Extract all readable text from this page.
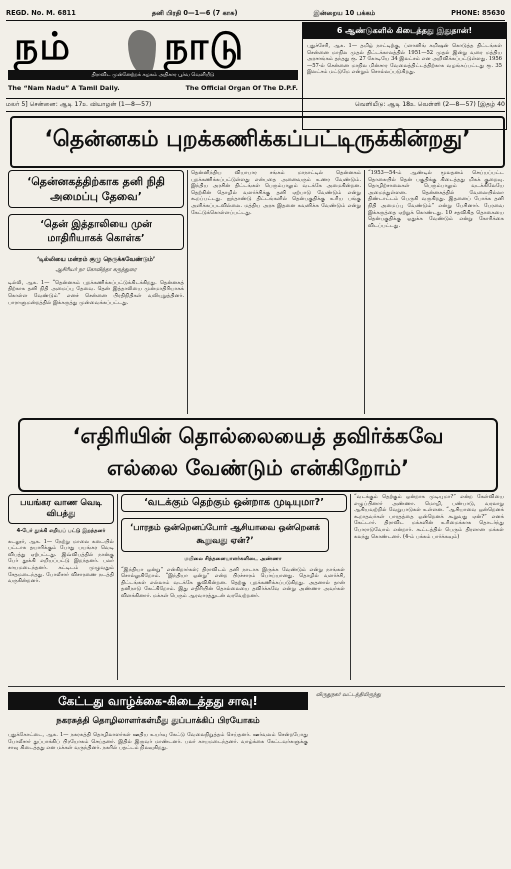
REGD. No. M. 6811	தனி பிரதி 0—1—6 (7 காசு)	இன்றைய 10 பக்கம்	PHONE: 85630
நம் நாடு
திராவிட முன்னேற்றக் கழகம் அதிகார பூர்வ வெளியீடு
The “Nam Nadu” A Tamil Daily.	The Official Organ Of The D.P.F.
6 ஆண்டுகளில் கிடைத்தது இதுதான்!
புதுச்சேரி, ஆக. 1— தமிழ் நாட்டிற்கு, ப்ளானிங் கமிஷன் கொடுத்த திட்டங்கள் சென்னை மாநில முதல் திட்டக்காலத்தில் 1951—52 முதல் இன்று வரை மத்திய அரசாங்கம் தந்தது ரூ. 27 கோடியே 34 இலட்சம் என அறிவிக்கப்பட்டுள்ளது. 1956—57-ல் சென்னை மாநில மின்சார வேலைத்திட்டத்திற்காக வழங்கப்பட்டது ரூ. 35 இலட்சம் மட்டுமே என்றும் சொல்லப்படுகிறது.
மலர் 5] சென்னை: ஆடி 17உ வியாழன் (1—8—57)	வெளியீடு: ஆடி 18உ வெள்ளி (2—8—57) [இதழ் 40
‘தென்னகம் புறக்கணிக்கப்பட்டிருக்கின்றது’
‘தென்னகத்திற்காக தனி நிதி அமைப்பு தேவை’
‘தென் இத்தாலியை முன் மாதிரியாகக் கொள்க’
‘டில்லியை மன்றம் குழு நெருக்கவேண்டும்’
ஆசிரியர் நா கோவிந்தா கருத்துரை
டில்லி, ஆக. 1— “தென்னகம் புறக்கணிக்கப்பட்டுக்கிடக்கிறது. தென்னகத் திற்காக தனி நிதி அமைப்பு தேவை. தென் இத்தாலியை முன்மாதிரியாகக் கொள்ள வேண்டும்” எனச் சென்னை பிரதிநிதிகள் வலியுறுத்தினர். பாராளுமன்றத்தில் இக்கருத்து முன்வைக்கப்பட்டது.
தென்னிந்திய வியாபார சங்கம் மாநாட்டில் தென்னகம் புறக்கணிக்கப்பட்டுள்ளது என்பதை அனைவரும் உணர வேண்டும். இந்திய அரசின் திட்டங்கள் பெரும்பாலும் வடக்கே அமைகின்றன. தெற்கின் தொழில் வளர்ச்சிக்கு தனி ஏற்பாடு வேண்டும் என்று கூறப்பட்டது. ஐந்தாண்டு திட்டங்களில் தென்பகுதிக்கு உரிய பங்கு அளிக்கப்படவில்லை. மத்திய அரசு இதனை கவனிக்க வேண்டும் என்று கேட்டுக்கொள்ளப்பட்டது.
“1953—54-ம் ஆண்டில் மூலதனம் செய்யப்பட்ட தொகையில் தென் பகுதிக்கு கிடைத்தது மிகக் குறைவு. தொழிற்சாலைகள் பெரும்பாலும் வடக்கிலேயே அமைந்துள்ளன. தென்னகத்தில் வேலையில்லா திண்டாட்டம் பெருகி வருகிறது. இதனைப் போக்க தனி நிதி அமைப்பு வேண்டும்” என்று பேசினார். பேரவை இக்கருத்தை ஏற்றுக் கொண்டது. 10 சதவிகித தொகையை தென்பகுதிக்கு ஒதுக்க வேண்டும் என்று கோரிக்கை விடப்பட்டது.
‘எதிரியின் தொல்லையைத் தவிர்க்கவே
எல்லை வேண்டும் என்கிறோம்’
பயங்கர வாண வெடி விபத்து
4-பேர் தூக்கி எறியப் பட்டு இறந்தனர்
கடலூர், ஆக. 1— நேற்று மாலை கடையில் பட்டாசு தயாரிக்கும் போது பயங்கர வெடி விபத்து ஏற்பட்டது. இவ்விபத்தில் நான்கு பேர் தூக்கி எறியப்பட்டு இறந்தனர். பலர் காயமடைந்தனர். கட்டிடம் முழுவதும் சேதமடைந்தது. போலீசார் விசாரணை நடத்தி வருகின்றனர்.
‘வடக்கும் தெற்கும் ஒன்றாக முடியுமா?’
‘பாரதம் ஒன்றெனப்போர் ஆசியாவை ஒன்றெனக் கூறுவது ஏன்?’
மயிலை சிந்தனையாளர்களிடை அண்ணா
“இந்தியா ஒன்று” என்கிறார்கள்; திராவிடம் தனி நாடாக இருக்க வேண்டும் என்று நாங்கள் சொல்லுகிறோம். “இந்தியா ஒன்று” என்ற பிரச்சாரம் பொய்யானது. தொழில் வளர்ச்சி, திட்டங்கள் எல்லாம் வடக்கே குவிகின்றன. தெற்கு புறக்கணிக்கப்படுகிறது. அதனால் தான் தனிநாடு கேட்கிறோம். இது எதிரியின் தொல்லையை தவிர்க்கவே என்று அண்ணா அவர்கள் விளக்கினார். மக்கள் பெரும் ஆரவாரத்துடன் வரவேற்றனர்.
“வடக்கும் தெற்கும் ஒன்றாக முடியுமா?” என்ற கேள்வியை எழுப்பினார் அண்ணா. மொழி, பண்பாடு, வரலாறு ஆகியவற்றில் வேறுபாடுகள் உள்ளன. “ஆசியாவை ஒன்றெனக் கூறாதவர்கள் பாரதத்தை ஒன்றெனக் கூறுவது ஏன்?” எனக் கேட்டார். திராவிட மக்களின் உரிமைக்காக தொடர்ந்து போராடுவோம் என்றார். கூட்டத்தில் பெரும் திரளான மக்கள் கலந்து கொண்டனர். (4-ம் பக்கம் பார்க்கவும்)
கேட்டது வாழ்க்கை-கிடைத்தது சாவு!
நகரசுத்தி தொழிலாளர்கள்மீது துப்பாக்கிப் பிரயோகம்
புதுக்கோட்டை, ஆக. 1— நகரசுத்தி தொழிலாளர்கள் ஊதிய உயர்வு கேட்டு வேலைநிறுத்தம் செய்தனர். ஊர்வலம் சென்றபோது போலீசார் துப்பாக்கிப் பிரயோகம் செய்தனர். இதில் இருவர் மாண்டனர். பலர் காயமடைந்தனர். வாழ்க்கை கேட்டவர்களுக்கு சாவு கிடைத்தது என மக்கள் வருந்தினர். நகரில் பதட்டம் நிலவுகிறது.
விருதுநகர் வட்டத்திலிருந்து
